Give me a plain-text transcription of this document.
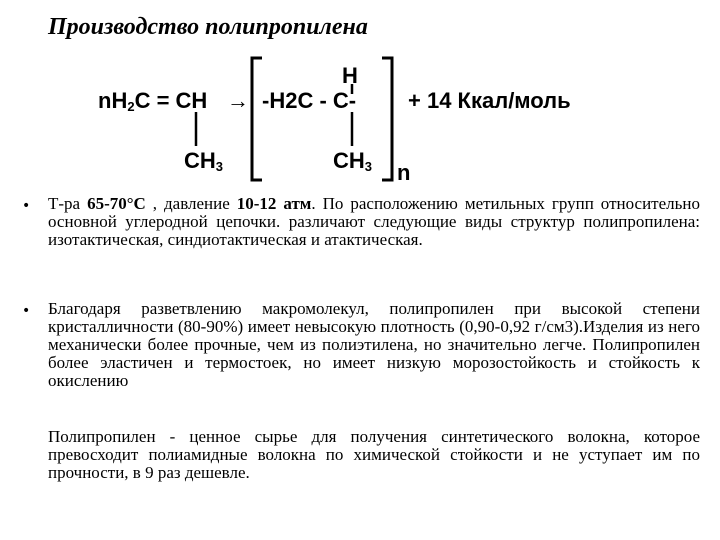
Производство полипропилена
nH2C = CH → -H2C - C-
H
CH3	CH3 n
+ 14 Ккал/моль
• Т-ра 65-70°С , давление 10-12 атм. По расположению метильных групп относительно основной углеродной цепочки. различают следующие виды структур полипропилена: изотактическая, синдиотактическая и атактическая.
• Благодаря разветвлению макромолекул, полипропилен при высокой степени кристалличности (80-90%) имеет невысокую плотность (0,90-0,92 г/см3).Изделия из него механически более прочные, чем из полиэтилена, но значительно легче. Полипропилен более эластичен и термостоек, но имеет низкую морозостойкость и стойкость к окислению
Полипропилен - ценное сырье для получения синтетического волокна, которое превосходит полиамидные волокна по химической стойкости и не уступает им по прочности, в 9 раз дешевле.
